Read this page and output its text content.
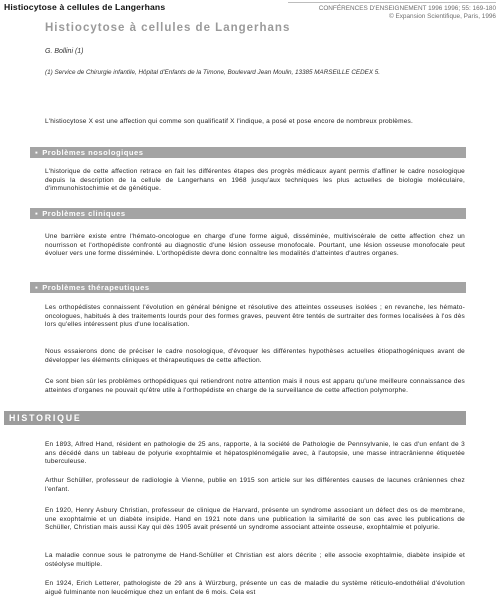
Histiocytose à cellules de Langerhans	CONFÉRENCES D'ENSEIGNEMENT 1996 1996; 55: 169-180
© Expansion Scientifique, Paris, 1996
Histiocytose à cellules de Langerhans
G. Bollini (1)
(1) Service de Chirurgie infantile, Hôpital d'Enfants de la Timone, Boulevard Jean Moulin, 13385 MARSEILLE CEDEX 5.

L'histiocytose X est une affection qui comme son qualificatif X l'indique, a posé et pose encore de nombreux problèmes.

▪ Problèmes nosologiques

L'historique de cette affection retrace en fait les différentes étapes des progrès médicaux ayant permis d'affiner le cadre nosologique depuis la description de la cellule de Langerhans en 1968 jusqu'aux techniques les plus actuelles de biologie moléculaire, d'immunohistochimie et de génétique.

▪ Problèmes cliniques

Une barrière existe entre l'hémato-oncologue en charge d'une forme aiguë, disséminée, multiviscérale de cette affection chez un nourrisson et l'orthopédiste confronté au diagnostic d'une lésion osseuse monofocale. Pourtant, une lésion osseuse monofocale peut évoluer vers une forme disséminée. L'orthopédiste devra donc connaître les modalités d'atteintes d'autres organes.

▪ Problèmes thérapeutiques

Les orthopédistes connaissent l'évolution en général bénigne et résolutive des atteintes osseuses isolées ; en revanche, les hémato-oncologues, habitués à des traitements lourds pour des formes graves, peuvent être tentés de surtraiter des formes localisées à l'os dès lors qu'elles intéressent plus d'une localisation.

Nous essaierons donc de préciser le cadre nosologique, d'évoquer les différentes hypothèses actuelles étiopathogéniques avant de développer les éléments cliniques et thérapeutiques de cette affection.

Ce sont bien sûr les problèmes orthopédiques qui retiendront notre attention mais il nous est apparu qu'une meilleure connaissance des atteintes d'organes ne pouvait qu'être utile à l'orthopédiste en charge de la surveillance de cette affection polymorphe.

HISTORIQUE

En 1893, Alfred Hand, résident en pathologie de 25 ans, rapporte, à la société de Pathologie de Pennsylvanie, le cas d'un enfant de 3 ans décédé dans un tableau de polyurie exophtalmie et hépatosplénomégalie avec, à l'autopsie, une masse intracrânienne étiquetée tuberculeuse.

Arthur Schüller, professeur de radiologie à Vienne, publie en 1915 son article sur les différentes causes de lacunes crâniennes chez l'enfant.

En 1920, Henry Asbury Christian, professeur de clinique de Harvard, présente un syndrome associant un défect des os de membrane, une exophtalmie et un diabète insipide. Hand en 1921 note dans une publication la similarité de son cas avec les publications de Schüller, Christian mais aussi Kay qui dès 1905 avait présenté un syndrome associant atteinte osseuse, exophtalmie et polyurie.

La maladie connue sous le patronyme de Hand-Schüller et Christian est alors décrite ; elle associe exophtalmie, diabète insipide et ostéolyse multiple.

En 1924, Erich Letterer, pathologiste de 29 ans à Würzburg, présente un cas de maladie du système réticulo-endothélial d'évolution aiguë fulminante non leucémique chez un enfant de 6 mois. Cela est
